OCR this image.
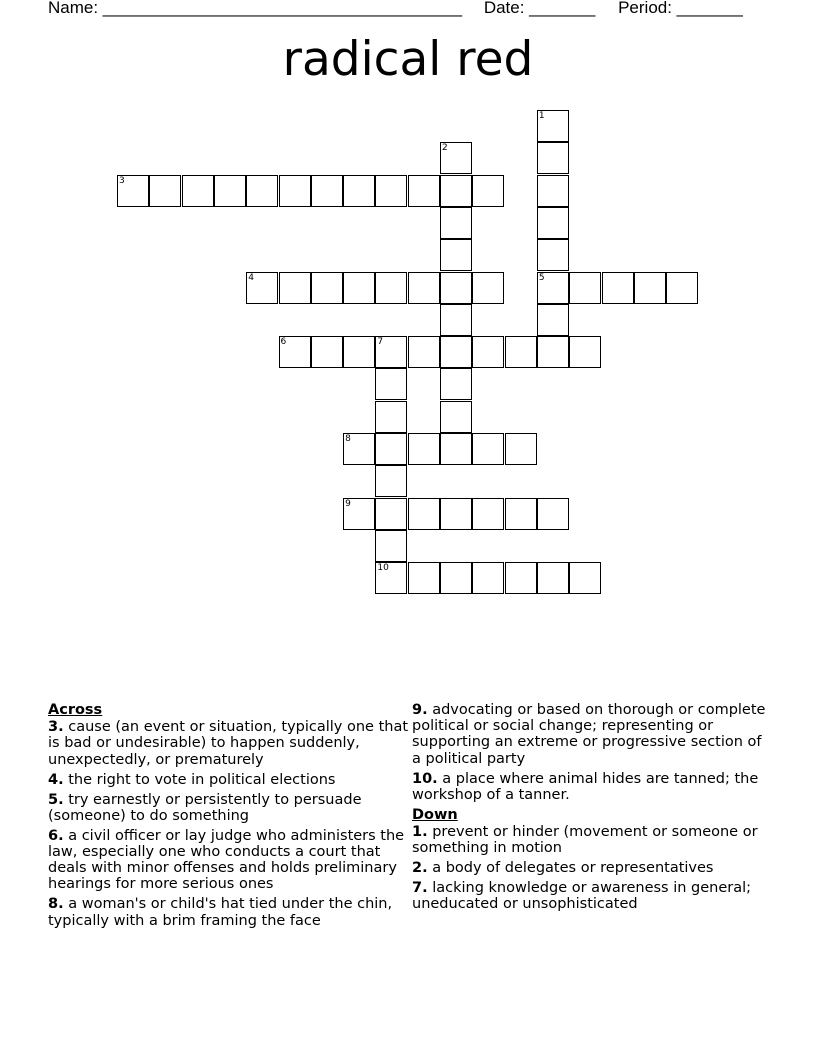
Name: ______________________________________ Date: _______ Period: _______
radical red
3
4	5
6	7
8
9
10
1
2
Across
3. cause (an event or situation, typically one that is bad or undesirable) to happen suddenly, unexpectedly, or prematurely
4. the right to vote in political elections
5. try earnestly or persistently to persuade (someone) to do something
6. a civil officer or lay judge who administers the law, especially one who conducts a court that deals with minor offenses and holds preliminary hearings for more serious ones
8. a woman's or child's hat tied under the chin, typically with a brim framing the face
9. advocating or based on thorough or complete political or social change; representing or supporting an extreme or progressive section of a political party
10. a place where animal hides are tanned; the workshop of a tanner.
Down
1. prevent or hinder (movement or someone or something in motion
2. a body of delegates or representatives
7. lacking knowledge or awareness in general; uneducated or unsophisticated
